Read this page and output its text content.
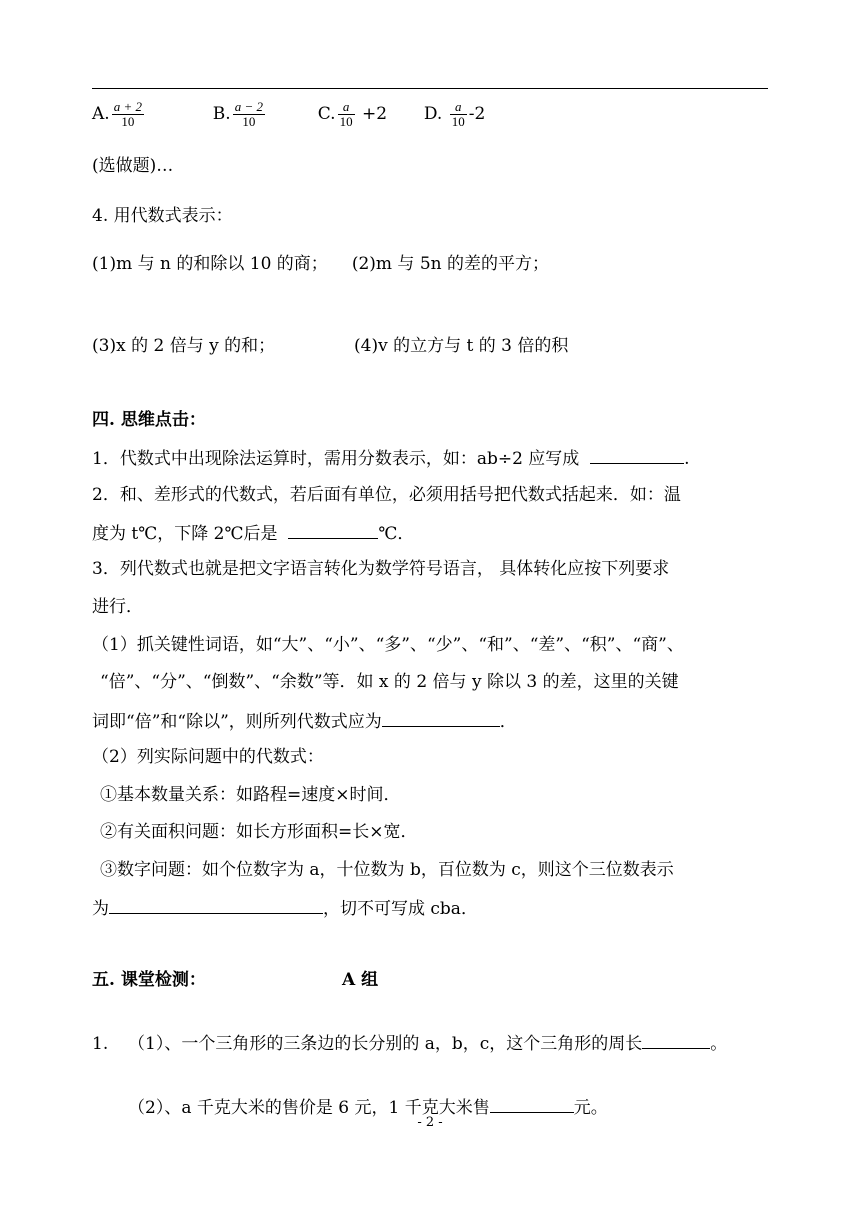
A. $\frac{a + 2}{10}$	B. $\frac{a - 2}{10}$	C. $\frac{a}{10} +2$ D. $\frac{a}{10} -2$
(选做题)…
4. 用代数式表示：
(1)m 与 n 的和除以 10 的商； (2)m 与 5n 的差的平方；
(3)x 的 2 倍与 y 的和；	(4)v 的立方与 t 的 3 倍的积
四. 思维点击：
1．代数式中出现除法运算时，需用分数表示，如：ab÷2 应写成	.
2．和、差形式的代数式，若后面有单位，必须用括号把代数式括起来．如：温
度为 t℃，下降 2℃后是	℃．
3．列代数式也就是把文字语言转化为数学符号语言， 具体转化应按下列要求
进行．
（1）抓关键性词语，如“大”、“小”、“多”、“少”、“和”、“差”、“积”、“商”、
“倍”、“分”、“倒数”、“余数”等．如 x 的 2 倍与 y 除以 3 的差，这里的关键
词即“倍”和“除以”，则所列代数式应为	．
（2）列实际问题中的代数式：
①基本数量关系：如路程=速度×时间．
②有关面积问题：如长方形面积=长×宽．
③数字问题：如个位数字为 a，十位数为 b，百位数为 c，则这个三位数表示
为	，切不可写成 cba．
五. 课堂检测：	A 组
1. （1）、一个三角形的三条边的长分别的 a，b，c，这个三角形的周长	。
（2）、a 千克大米的售价是 6 元，1 千克大米售	元。
- 2 -
